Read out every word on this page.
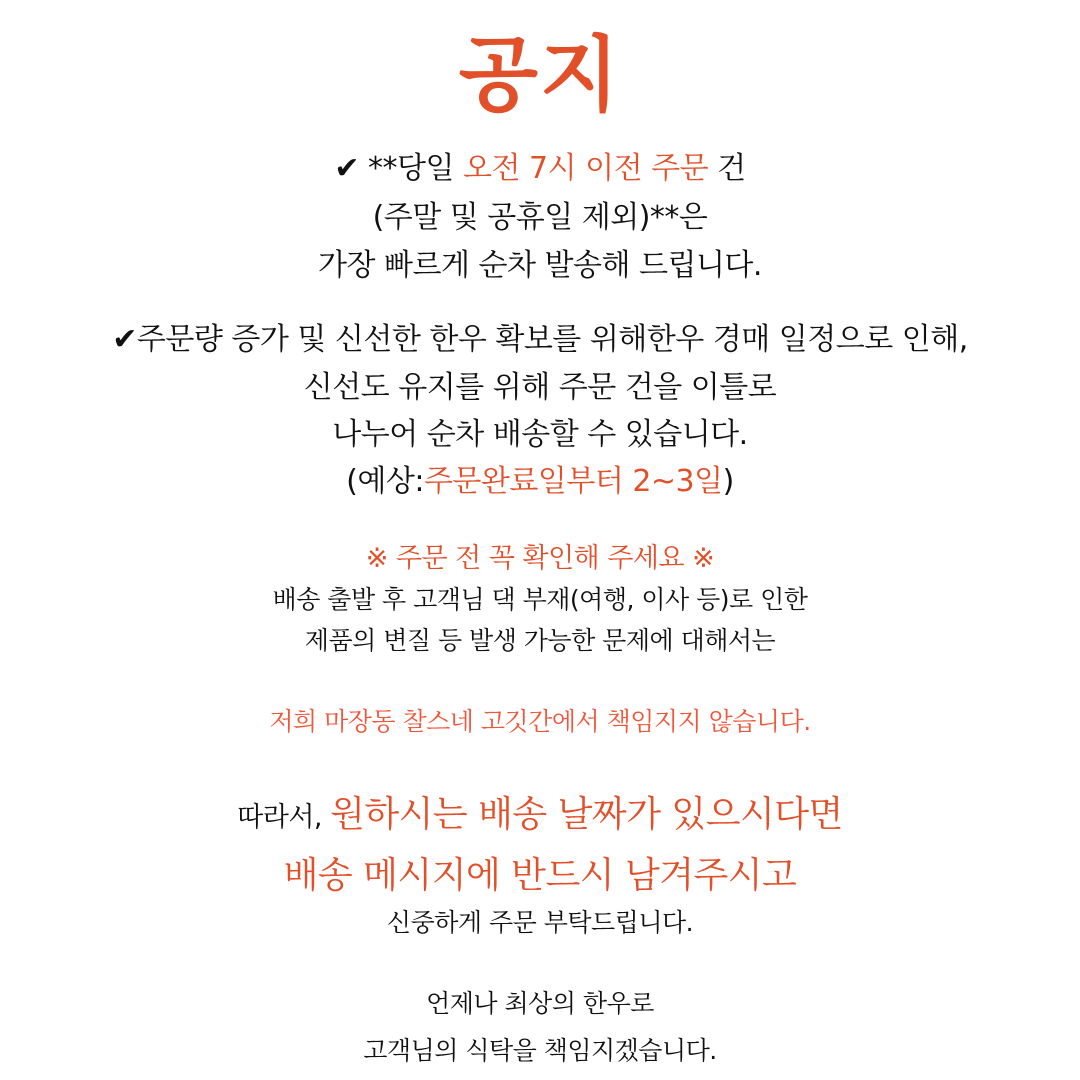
공지
✔ **당일 오전 7시 이전 주문 건
(주말 및 공휴일 제외)**은
가장 빠르게 순차 발송해 드립니다.
✔주문량 증가 및 신선한 한우 확보를 위해한우 경매 일정으로 인해,
신선도 유지를 위해 주문 건을 이틀로
나누어 순차 배송할 수 있습니다.
(예상:주문완료일부터 2~3일)
※ 주문 전 꼭 확인해 주세요 ※
배송 출발 후 고객님 댁 부재(여행, 이사 등)로 인한
제품의 변질 등 발생 가능한 문제에 대해서는
저희 마장동 찰스네 고깃간에서 책임지지 않습니다.
따라서, 원하시는 배송 날짜가 있으시다면
배송 메시지에 반드시 남겨주시고
신중하게 주문 부탁드립니다.
언제나 최상의 한우로
고객님의 식탁을 책임지겠습니다.
